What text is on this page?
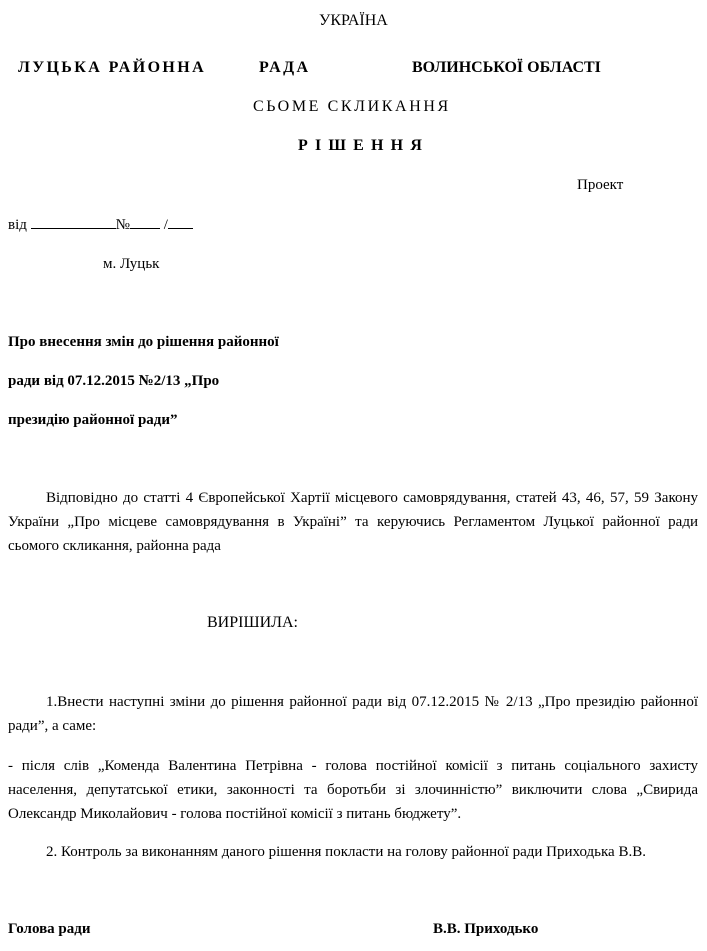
УКРАЇНА
ЛУЦЬКА РАЙОННА	РАДА	ВОЛИНСЬКОЇ ОБЛАСТІ
СЬОМЕ СКЛИКАННЯ
Р І Ш Е Н Н Я
Проект
від	№ /
м. Луцьк
Про внесення змін до рішення районної
ради від 07.12.2015 №2/13 „Про
президію районної ради”
Відповідно до статті 4 Європейської Хартії місцевого самоврядування, статей 43, 46, 57, 59 Закону України „Про місцеве самоврядування в Україні” та керуючись Регламентом Луцької районної ради сьомого скликання, районна рада
ВИРІШИЛА:
1.Внести наступні зміни до рішення районної ради від 07.12.2015 № 2/13 „Про президію районної ради”, а саме:
- після слів „Коменда Валентина Петрівна - голова постійної комісії з питань соціального захисту населення, депутатської етики, законності та боротьби зі злочинністю” виключити слова „Свирида Олександр Миколайович - голова постійної комісії з питань бюджету”.
2. Контроль за виконанням даного рішення покласти на голову районної ради Приходька В.В.
Голова ради	В.В. Приходько
